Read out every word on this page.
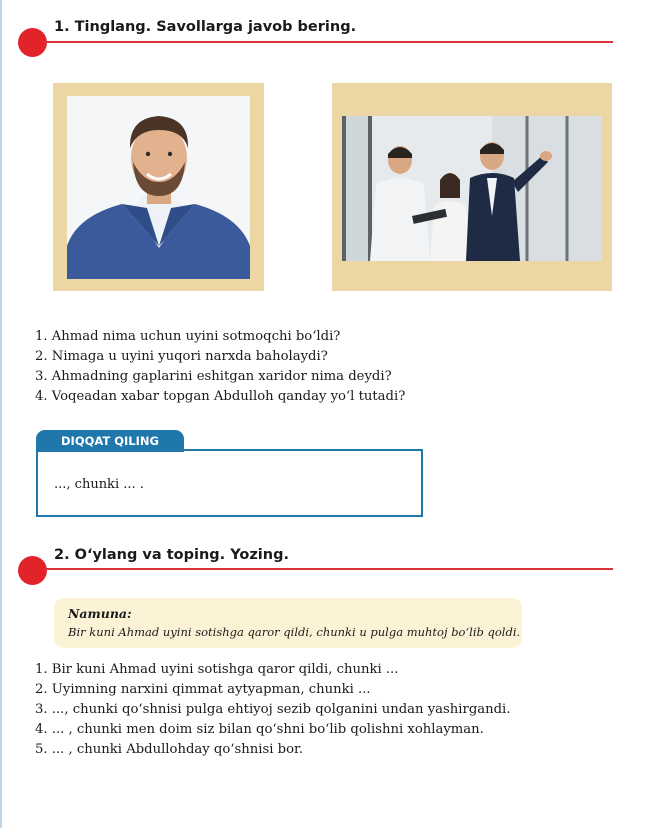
1. Tinglang. Savollarga javob bering.
1. Ahmad nima uchun uyini sotmoqchi boʻldi?
2. Nimaga u uyini yuqori narxda baholaydi?
3. Ahmadning gaplarini eshitgan xaridor nima deydi?
4. Voqeadan xabar topgan Abdulloh qanday yoʻl tutadi?
..., chunki ... .
DIQQAT QILING
2. Oʻylang va toping. Yozing.
Namuna:
Bir kuni Ahmad uyini sotishga qaror qildi, chunki u pulga muhtoj boʻlib qoldi.
1. Bir kuni Ahmad uyini sotishga qaror qildi, chunki ...
2. Uyimning narxini qimmat aytyapman, chunki ...
3. ..., chunki qoʻshnisi pulga ehtiyoj sezib qolganini undan yashirgandi.
4. ... , chunki men doim siz bilan qoʻshni boʻlib qolishni xohlayman.
5. ... , chunki Abdullohday qoʻshnisi bor.
